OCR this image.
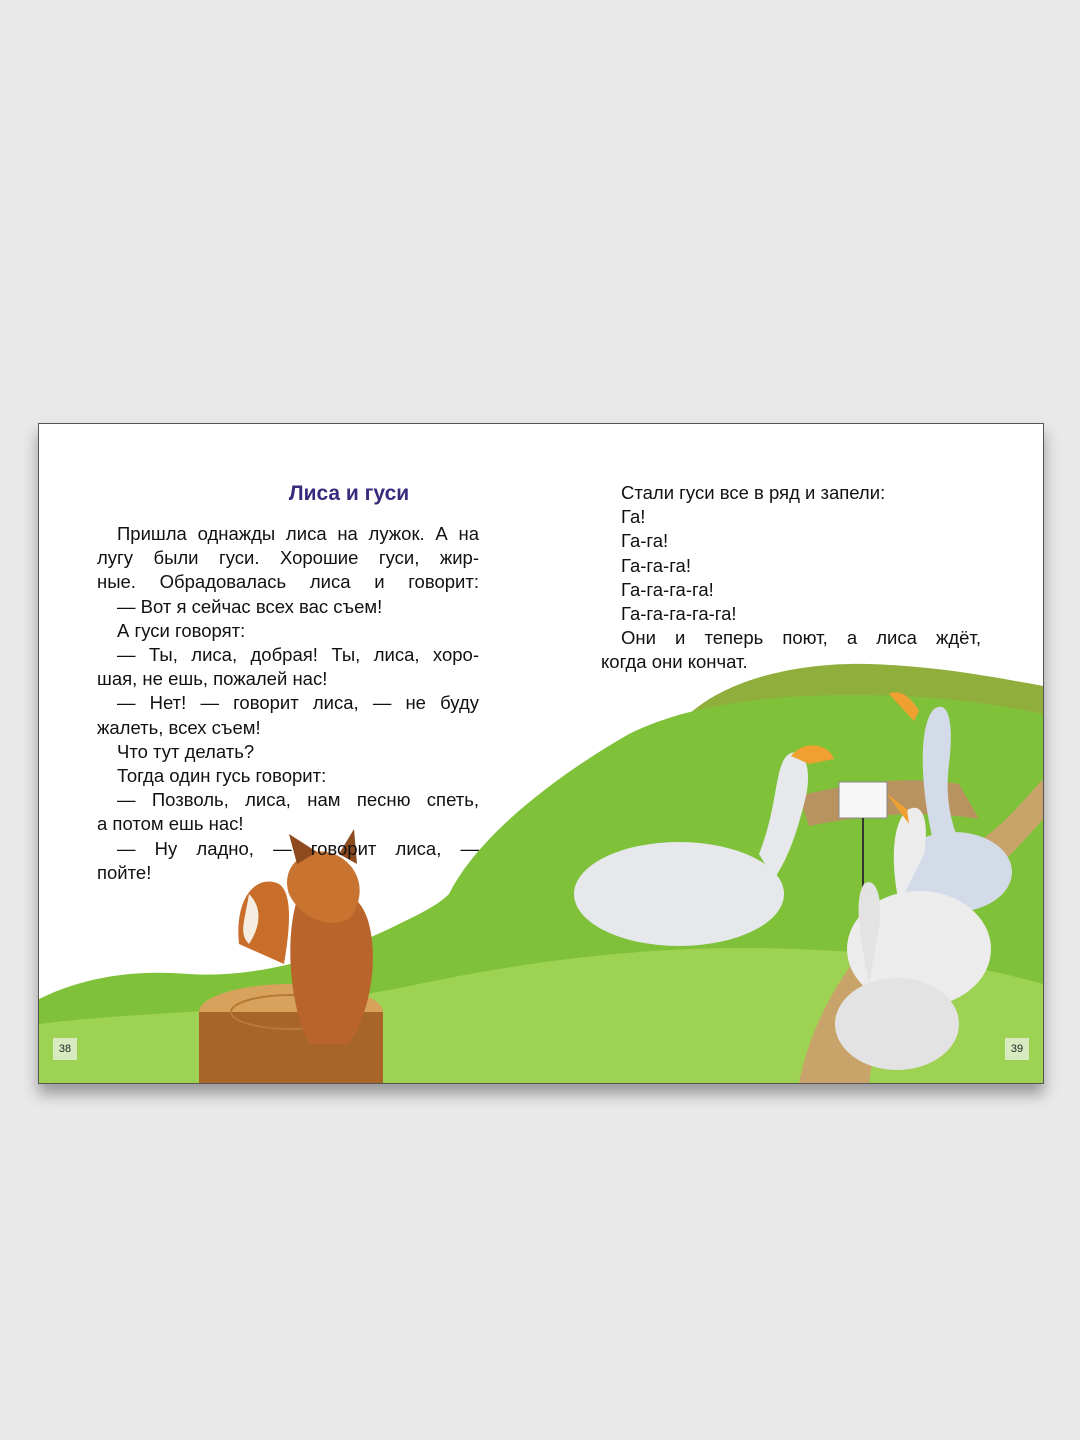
Лиса и гуси

Пришла однажды лиса на лужок. А на

лугу были гуси. Хорошие гуси, жир-

ные. Обрадовалась лиса и говорит:

— Вот я сейчас всех вас съем!

А гуси говорят:

— Ты, лиса, добрая! Ты, лиса, хоро-

шая, не ешь, пожалей нас!

— Нет! — говорит лиса, — не буду

жалеть, всех съем!

Что тут делать?

Тогда один гусь говорит:

— Позволь, лиса, нам песню спеть,

а потом ешь нас!

— Ну ладно, — говорит лиса, —

пойте!

Стали гуси все в ряд и запели:

Га!

Га-га!

Га-га-га!

Га-га-га-га!

Га-га-га-га-га!

Они и теперь поют, а лиса ждёт,

когда они кончат.

38	39
